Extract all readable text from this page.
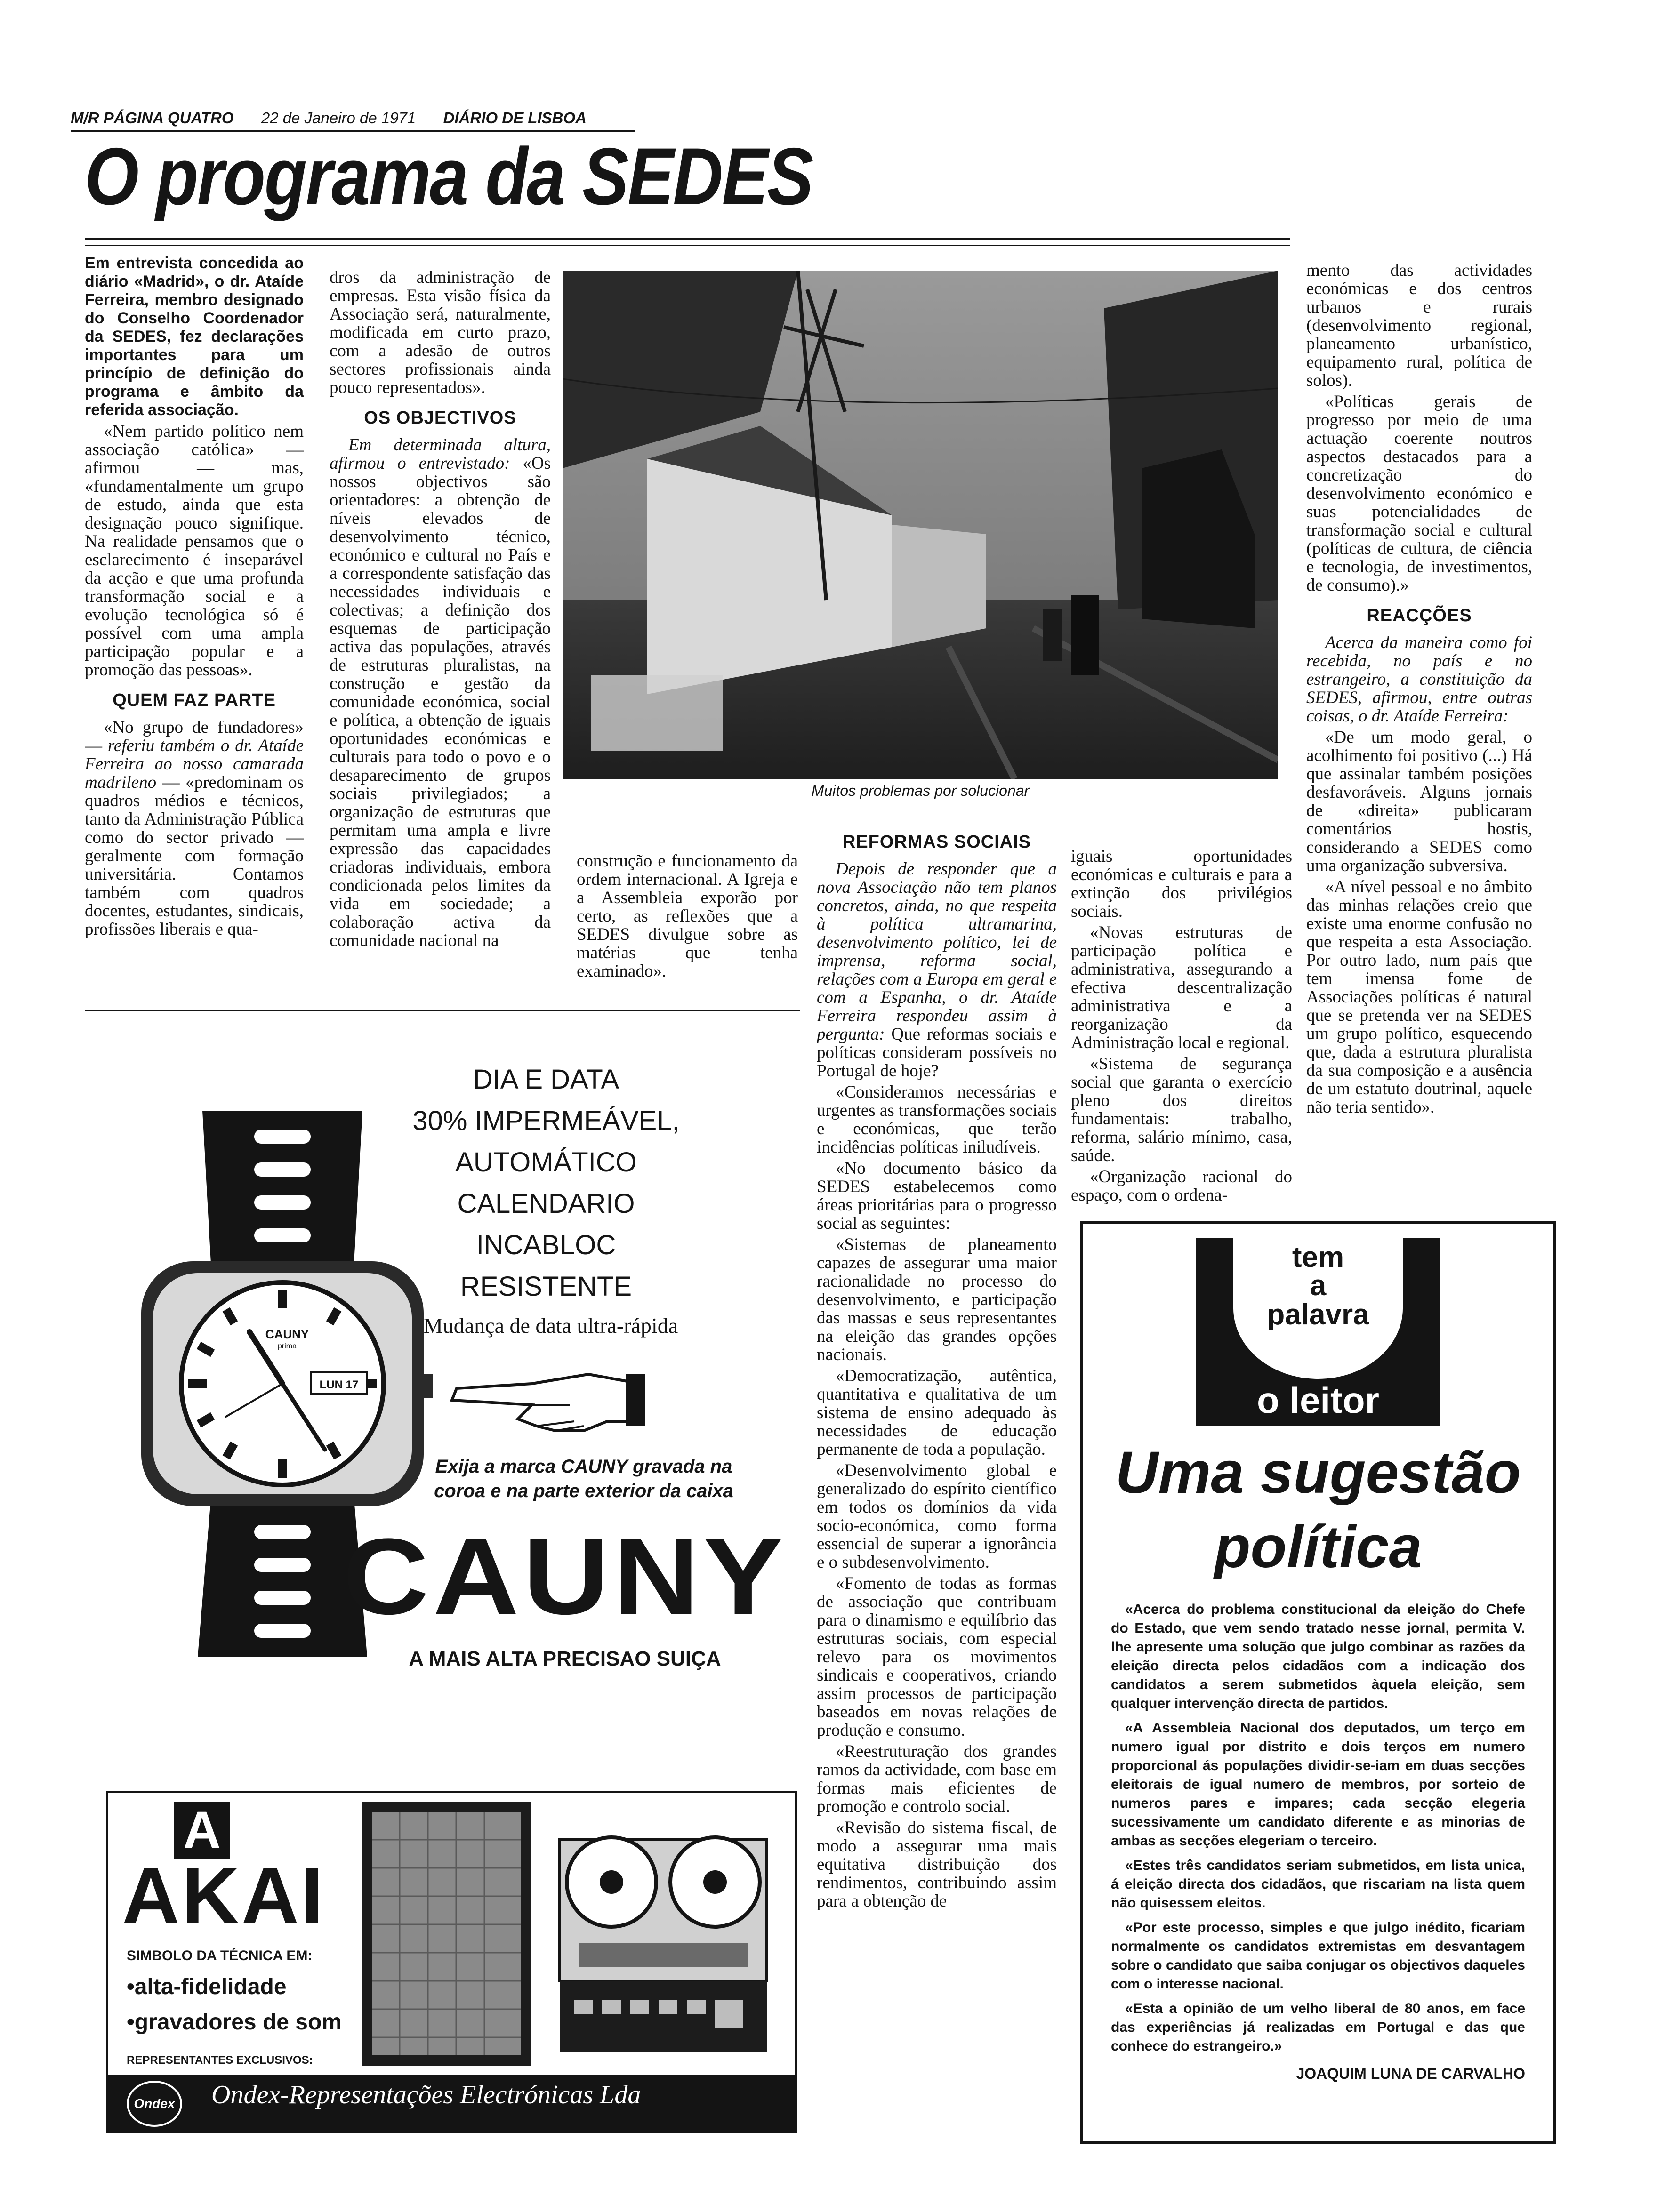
M/R PÁGINA QUATRO 22 de Janeiro de 1971 DIÁRIO DE LISBOA
O programa da SEDES

Em entrevista concedida ao diário «Madrid», o dr. Ataíde Ferreira, membro designado do Conselho Coordenador da SEDES, fez declarações importantes para um princípio de definição do programa e âmbito da referida associação.

«Nem partido político nem associação católica» — afirmou — mas, «fundamentalmente um grupo de estudo, ainda que esta designação pouco signifique. Na realidade pensamos que o esclarecimento é inseparável da acção e que uma profunda transformação social e a evolução tecnológica só é possível com uma ampla participação popular e a promoção das pessoas».

QUEM FAZ PARTE

«No grupo de fundadores» — referiu também o dr. Ataíde Ferreira ao nosso camarada madrileno — «predominam os quadros médios e técnicos, tanto da Administração Pública como do sector privado — geralmente com formação universitária. Contamos também com quadros docentes, estudantes, sindicais, profissões liberais e qua-

dros da administração de empresas. Esta visão física da Associação será, naturalmente, modificada em curto prazo, com a adesão de outros sectores profissionais ainda pouco representados».

OS OBJECTIVOS

Em determinada altura, afirmou o entrevistado: «Os nossos objectivos são orientadores: a obtenção de níveis elevados de desenvolvimento técnico, económico e cultural no País e a correspondente satisfação das necessidades individuais e colectivas; a definição dos esquemas de participação activa das populações, através de estruturas pluralistas, na construção e gestão da comunidade económica, social e política, a obtenção de iguais oportunidades económicas e culturais para todo o povo e o desaparecimento de grupos sociais privilegiados; a organização de estruturas que permitam uma ampla e livre expressão das capacidades criadoras individuais, embora condicionada pelos limites da vida em sociedade; a colaboração activa da comunidade nacional na

Muitos problemas por solucionar

construção e funcionamento da ordem internacional. A Igreja e a Assembleia exporão por certo, as reflexões que a SEDES divulgue sobre as matérias que tenha examinado».

REFORMAS SOCIAIS

Depois de responder que a nova Associação não tem planos concretos, ainda, no que respeita à política ultramarina, desenvolvimento político, lei de imprensa, reforma social, relações com a Europa em geral e com a Espanha, o dr. Ataíde Ferreira respondeu assim à pergunta: Que reformas sociais e políticas consideram possíveis no Portugal de hoje?

«Consideramos necessárias e urgentes as transformações sociais e económicas, que terão incidências políticas iniludíveis.

«No documento básico da SEDES estabelecemos como áreas prioritárias para o progresso social as seguintes:

«Sistemas de planeamento capazes de assegurar uma maior racionalidade no processo do desenvolvimento, e participação das massas e seus representantes na eleição das grandes opções nacionais.

«Democratização, autêntica, quantitativa e qualitativa de um sistema de ensino adequado às necessidades de educação permanente de toda a população.

«Desenvolvimento global e generalizado do espírito científico em todos os domínios da vida socio-económica, como forma essencial de superar a ignorância e o subdesenvolvimento.

«Fomento de todas as formas de associação que contribuam para o dinamismo e equilíbrio das estruturas sociais, com especial relevo para os movimentos sindicais e cooperativos, criando assim processos de participação baseados em novas relações de produção e consumo.

«Reestruturação dos grandes ramos da actividade, com base em formas mais eficientes de promoção e controlo social.

«Revisão do sistema fiscal, de modo a assegurar uma mais equitativa distribuição dos rendimentos, contribuindo assim para a obtenção de

iguais oportunidades económicas e culturais e para a extinção dos privilégios sociais.

«Novas estruturas de participação política e administrativa, assegurando a efectiva descentralização administrativa e a reorganização da Administração local e regional.

«Sistema de segurança social que garanta o exercício pleno dos direitos fundamentais: trabalho, reforma, salário mínimo, casa, saúde.

«Organização racional do espaço, com o ordena-

mento das actividades económicas e dos centros urbanos e rurais (desenvolvimento regional, planeamento urbanístico, equipamento rural, política de solos).

«Políticas gerais de progresso por meio de uma actuação coerente noutros aspectos destacados para a concretização do desenvolvimento económico e suas potencialidades de transformação social e cultural (políticas de cultura, de ciência e tecnologia, de investimentos, de consumo).»

REACÇÕES

Acerca da maneira como foi recebida, no país e no estrangeiro, a constituição da SEDES, afirmou, entre outras coisas, o dr. Ataíde Ferreira:

«De um modo geral, o acolhimento foi positivo (...) Há que assinalar também posições desfavoráveis. Alguns jornais de «direita» publicaram comentários hostis, considerando a SEDES como uma organização subversiva.

«A nível pessoal e no âmbito das minhas relações creio que existe uma enorme confusão no que respeita a esta Associação. Por outro lado, num país que tem imensa fome de Associações políticas é natural que se pretenda ver na SEDES um grupo político, esquecendo que, dada a estrutura pluralista da sua composição e a ausência de um estatuto doutrinal, aquele não teria sentido».

DIA E DATA
30% IMPERMEÁVEL,
AUTOMÁTICO
CALENDARIO
INCABLOC
RESISTENTE
Mudança de data ultra-rápida
CAUNY
prima
LUN 17
Exija a marca CAUNY gravada na
coroa e na parte exterior da caixa
CAUNY
A MAIS ALTA PRECISAO SUIÇA
A
AKAI
SIMBOLO DA TÉCNICA EM:
•alta-fidelidade
•gravadores de som
REPRESENTANTES EXCLUSIVOS:
Ondex Ondex-Representações Electrónicas Lda
tem
a
palavra
o leitor
Uma sugestão
política

«Acerca do problema constitucional da eleição do Chefe do Estado, que vem sendo tratado nesse jornal, permita V. lhe apresente uma solução que julgo combinar as razões da eleição directa pelos cidadãos com a indicação dos candidatos a serem submetidos àquela eleição, sem qualquer intervenção directa de partidos.

«A Assembleia Nacional dos deputados, um terço em numero igual por distrito e dois terços em numero proporcional ás populações dividir-se-iam em duas secções eleitorais de igual numero de membros, por sorteio de numeros pares e impares; cada secção elegeria sucessivamente um candidato diferente e as minorias de ambas as secções elegeriam o terceiro.

«Estes três candidatos seriam submetidos, em lista unica, á eleição directa dos cidadãos, que riscariam na lista quem não quisessem eleitos.

«Por este processo, simples e que julgo inédito, ficariam normalmente os candidatos extremistas em desvantagem sobre o candidato que saiba conjugar os objectivos daqueles com o interesse nacional.

«Esta a opinião de um velho liberal de 80 anos, em face das experiências já realizadas em Portugal e das que conhece do estrangeiro.»

JOAQUIM LUNA DE CARVALHO
